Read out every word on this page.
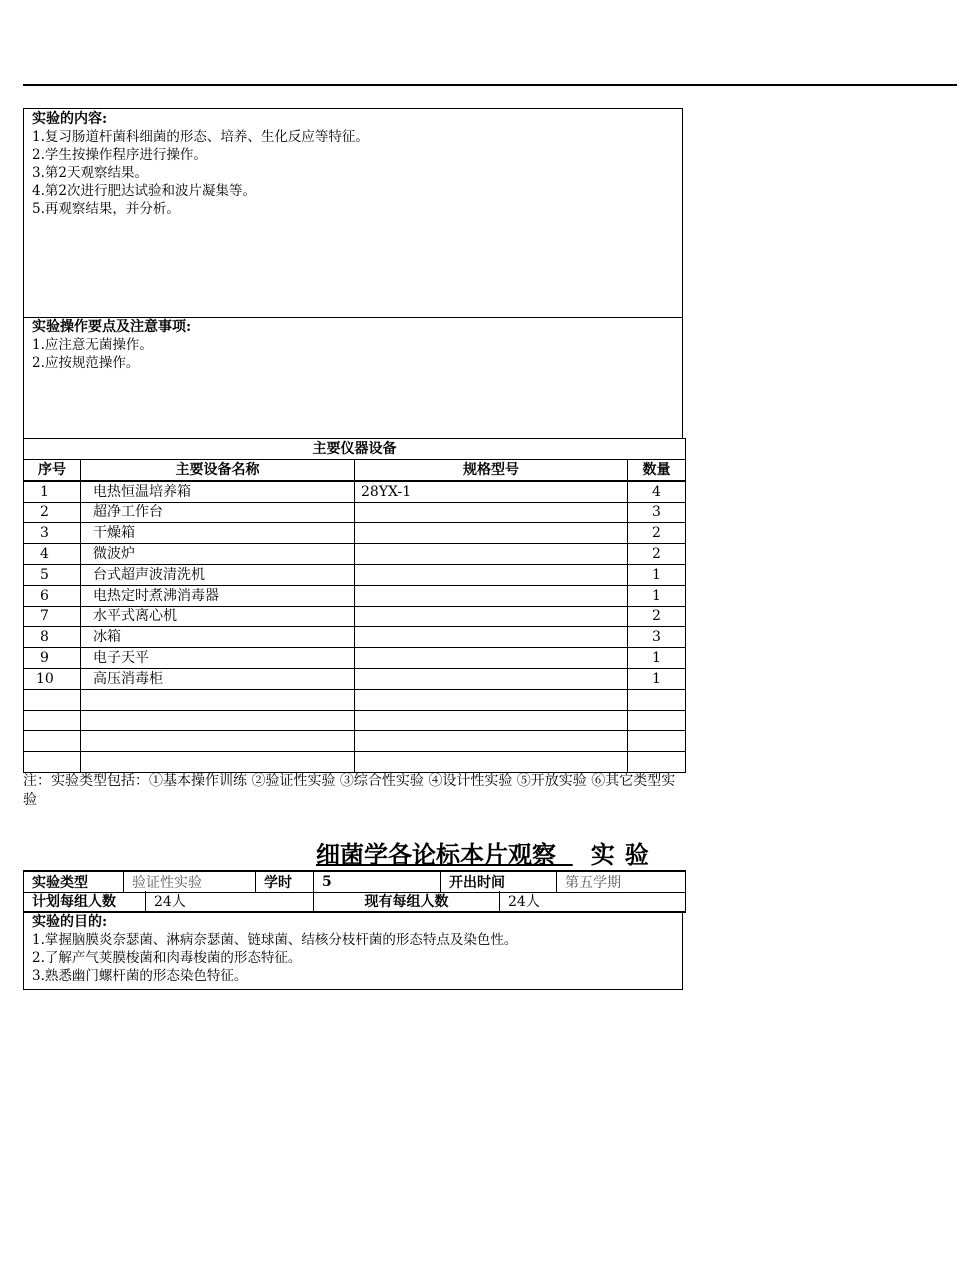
实验的内容:
1.复习肠道杆菌科细菌的形态、培养、生化反应等特征。
2.学生按操作程序进行操作。
3.第2天观察结果。
4.第2次进行肥达试验和波片凝集等。
5.再观察结果，并分析。
实验操作要点及注意事项:
1.应注意无菌操作。
2.应按规范操作。
主要仪器设备			
序号	主要设备名称	规格型号	数量
1	电热恒温培养箱	28YX-1	4
2	超净工作台		3
3	干燥箱		2
4	微波炉		2
5	台式超声波清洗机		1
6	电热定时煮沸消毒器		1
7	水平式离心机		2
8	冰箱		3
9	电子天平		1
10	高压消毒柜		1

注：实验类型包括：①基本操作训练 ②验证性实验 ③综合性实验 ④设计性实验 ⑤开放实验 ⑥其它类型实验
细菌学各论标本片观察 实验
实验类型	验证性实验	学时	5	开出时间	第五学期
计划每组人数	24人	现有每组人数	24人
实验的目的:
1.掌握脑膜炎奈瑟菌、淋病奈瑟菌、链球菌、结核分枝杆菌的形态特点及染色性。
2.了解产气荚膜梭菌和肉毒梭菌的形态特征。
3.熟悉幽门螺杆菌的形态染色特征。
